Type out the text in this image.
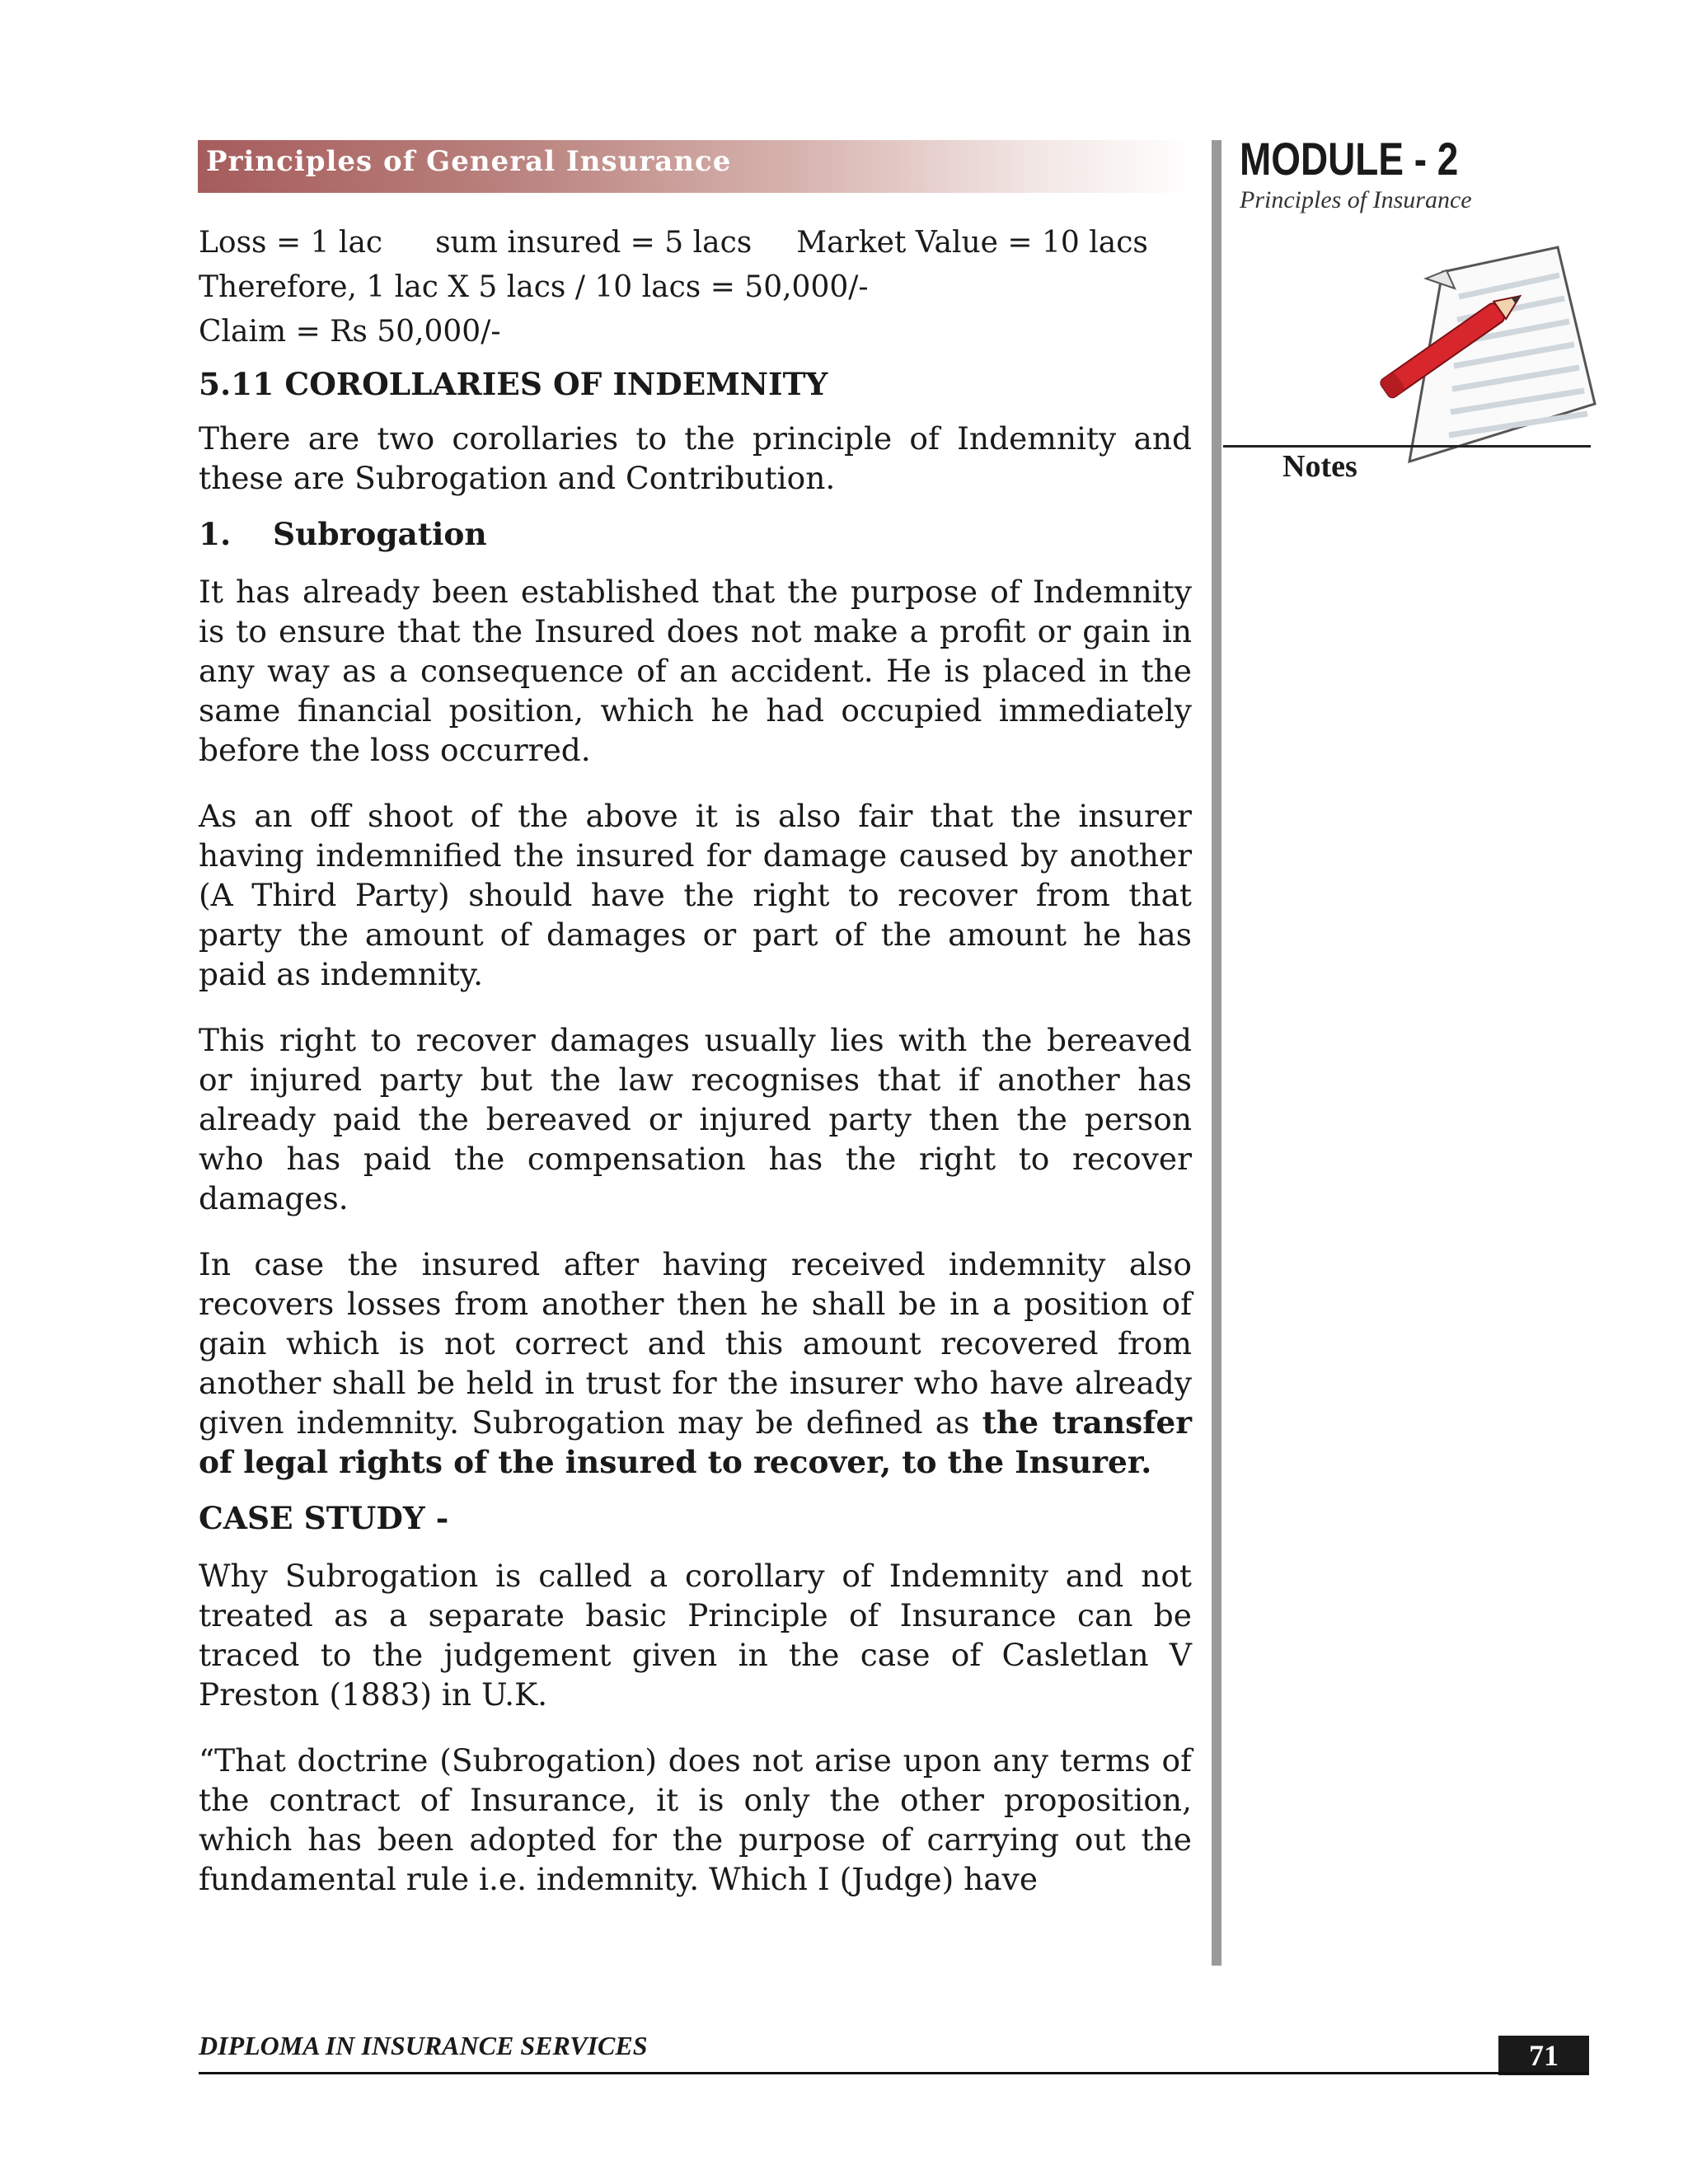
Principles of General Insurance	MODULE - 2
Principles of Insurance
Notes

Loss = 1 lac sum insured = 5 lacs Market Value = 10 lacs

Therefore, 1 lac X 5 lacs / 10 lacs = 50,000/-

Claim = Rs 50,000/-

5.11 COROLLARIES OF INDEMNITY

There are two corollaries to the principle of Indemnity and these are Subrogation and Contribution.

1. Subrogation

It has already been established that the purpose of Indemnity is to ensure that the Insured does not make a profit or gain in any way as a consequence of an accident. He is placed in the same financial position, which he had occupied immediately before the loss occurred.

As an off shoot of the above it is also fair that the insurer having indemnified the insured for damage caused by another (A Third Party) should have the right to recover from that party the amount of damages or part of the amount he has paid as indemnity.

This right to recover damages usually lies with the bereaved or injured party but the law recognises that if another has already paid the bereaved or injured party then the person who has paid the compensation has the right to recover damages.

In case the insured after having received indemnity also recovers losses from another then he shall be in a position of gain which is not correct and this amount recovered from another shall be held in trust for the insurer who have already given indemnity. Subrogation may be defined as the transfer of legal rights of the insured to recover, to the Insurer.

CASE STUDY -

Why Subrogation is called a corollary of Indemnity and not treated as a separate basic Principle of Insurance can be traced to the judgement given in the case of Casletlan V Preston (1883) in U.K.

“That doctrine (Subrogation) does not arise upon any terms of the contract of Insurance, it is only the other proposition, which has been adopted for the purpose of carrying out the fundamental rule i.e. indemnity. Which I (Judge) have

DIPLOMA IN INSURANCE SERVICES	71
